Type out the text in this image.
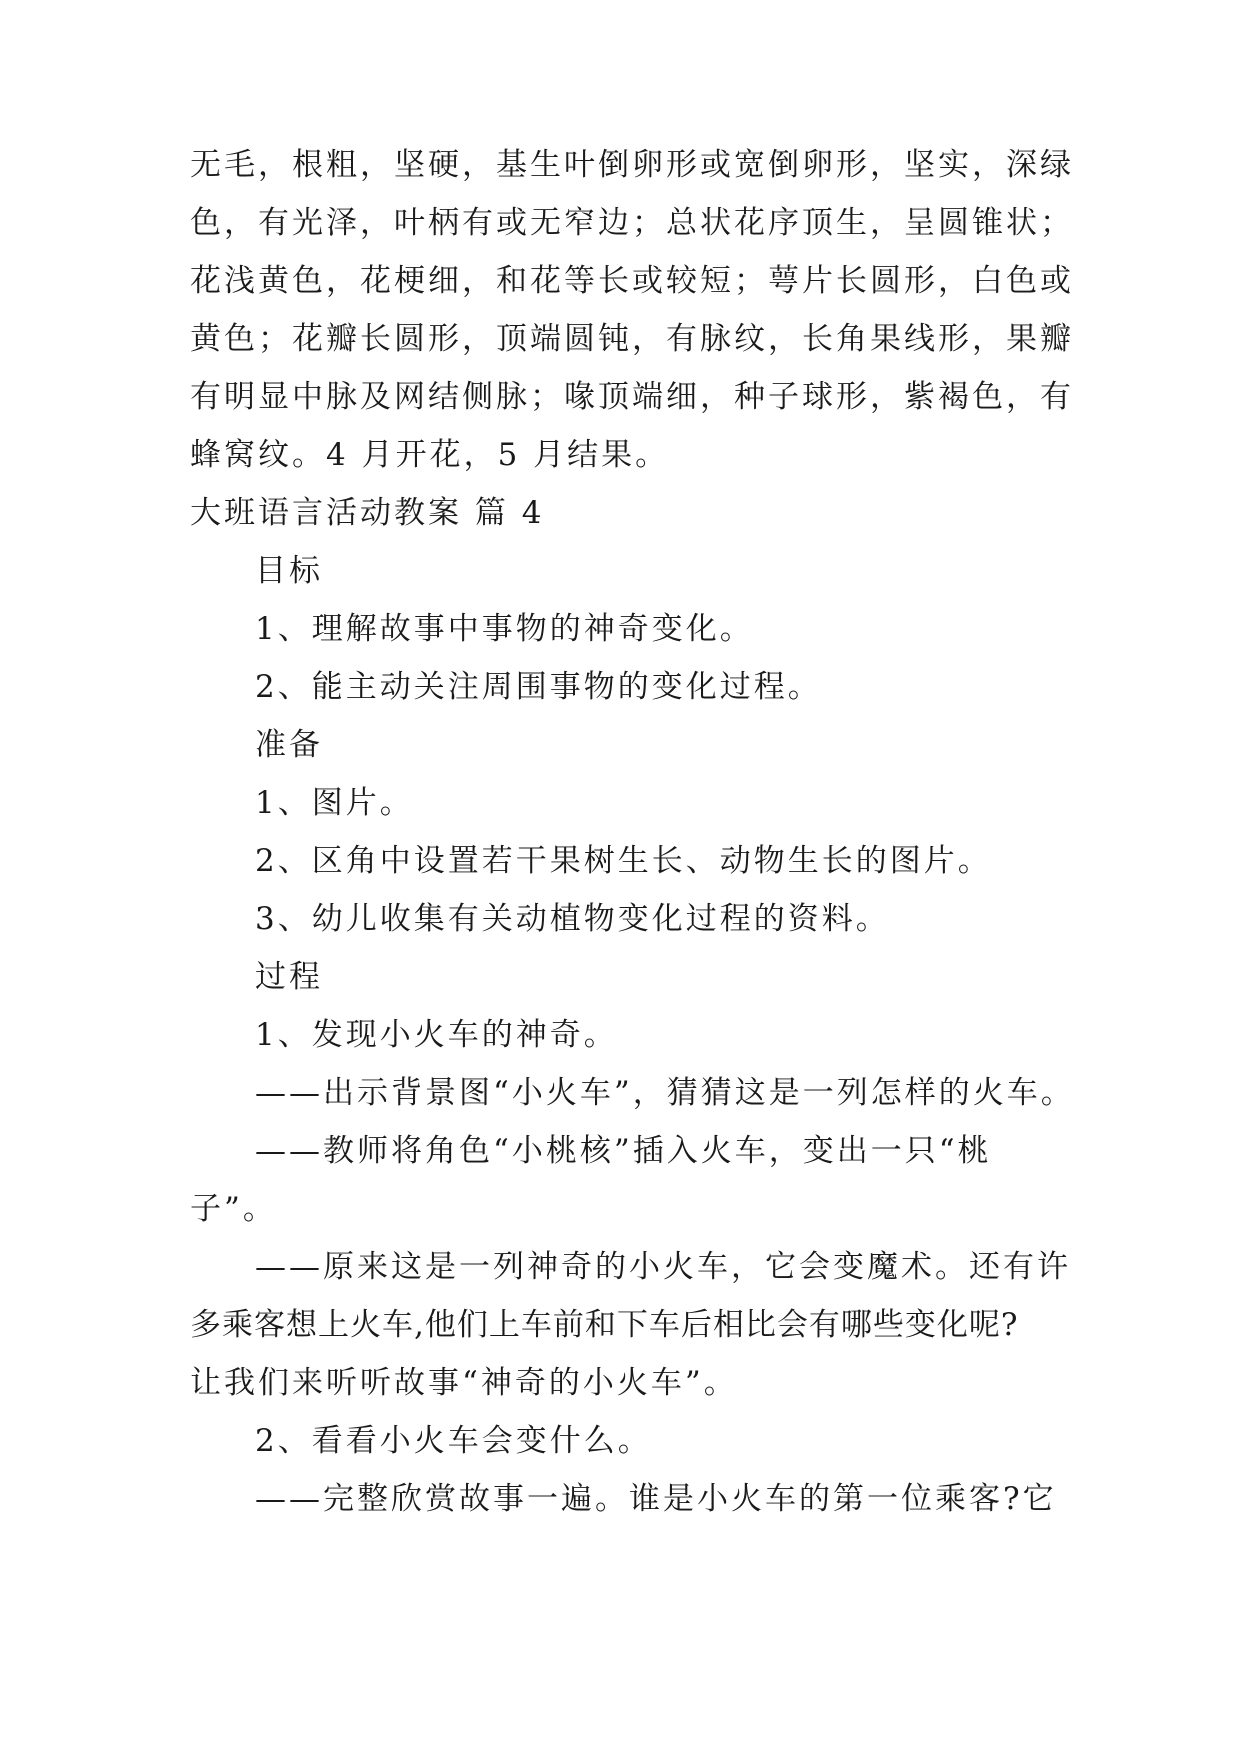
无毛，根粗，坚硬，基生叶倒卵形或宽倒卵形，坚实，深绿
色，有光泽，叶柄有或无窄边；总状花序顶生，呈圆锥状；
花浅黄色，花梗细，和花等长或较短；萼片长圆形，白色或
黄色；花瓣长圆形，顶端圆钝，有脉纹，长角果线形，果瓣
有明显中脉及网结侧脉；喙顶端细，种子球形，紫褐色，有
蜂窝纹。4 月开花，5 月结果。
大班语言活动教案 篇 4
目标
1、理解故事中事物的神奇变化。
2、能主动关注周围事物的变化过程。
准备
1、图片。
2、区角中设置若干果树生长、动物生长的图片。
3、幼儿收集有关动植物变化过程的资料。
过程
1、发现小火车的神奇。
——出示背景图“小火车”，猜猜这是一列怎样的火车。
——教师将角色“小桃核”插入火车，变出一只“桃
子”。
——原来这是一列神奇的小火车，它会变魔术。还有许
多乘客想上火车,他们上车前和下车后相比会有哪些变化呢?
让我们来听听故事“神奇的小火车”。
2、看看小火车会变什么。
——完整欣赏故事一遍。谁是小火车的第一位乘客?它
